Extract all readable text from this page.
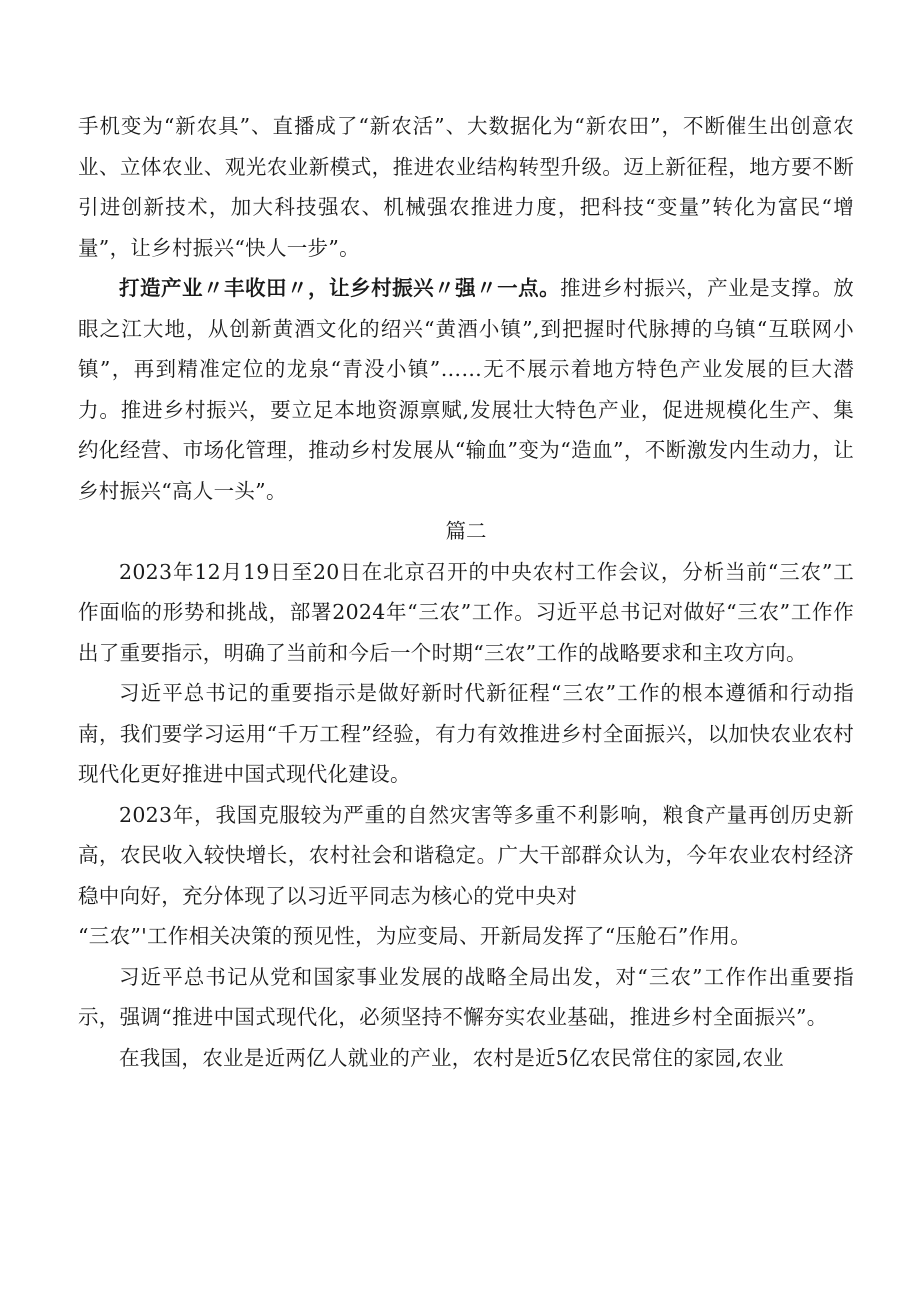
手机变为“新农具”、直播成了“新农活”、大数据化为“新农田”，不断催生出创意农业、立体农业、观光农业新模式，推进农业结构转型升级。迈上新征程，地方要不断引进创新技术，加大科技强农、机械强农推进力度，把科技“变量”转化为富民“增量”，让乡村振兴“快人一步”。

打造产业〃丰收田〃，让乡村振兴〃强〃一点。推进乡村振兴，产业是支撑。放眼之江大地，从创新黄酒文化的绍兴“黄酒小镇”,到把握时代脉搏的乌镇“互联网小镇”，再到精准定位的龙泉“青没小镇”……无不展示着地方特色产业发展的巨大潜力。推进乡村振兴，要立足本地资源禀赋,发展壮大特色产业，促进规模化生产、集约化经营、市场化管理，推动乡村发展从“输血”变为“造血”，不断激发内生动力，让乡村振兴“高人一头”。

篇二

2023年12月19日至20日在北京召开的中央农村工作会议，分析当前“三农”工作面临的形势和挑战，部署2024年“三农”工作。习近平总书记对做好“三农”工作作出了重要指示，明确了当前和今后一个时期“三农”工作的战略要求和主攻方向。

习近平总书记的重要指示是做好新时代新征程“三农”工作的根本遵循和行动指南，我们要学习运用“千万工程”经验，有力有效推进乡村全面振兴，以加快农业农村现代化更好推进中国式现代化建设。

2023年，我国克服较为严重的自然灾害等多重不利影响，粮食产量再创历史新高，农民收入较快增长，农村社会和谐稳定。广大干部群众认为，今年农业农村经济稳中向好，充分体现了以习近平同志为核心的党中央对

“三农”'工作相关决策的预见性，为应变局、开新局发挥了“压舱石”作用。

习近平总书记从党和国家事业发展的战略全局出发，对“三农”工作作出重要指示，强调“推进中国式现代化，必须坚持不懈夯实农业基础，推进乡村全面振兴”。

在我国，农业是近两亿人就业的产业，农村是近5亿农民常住的家园,农业
